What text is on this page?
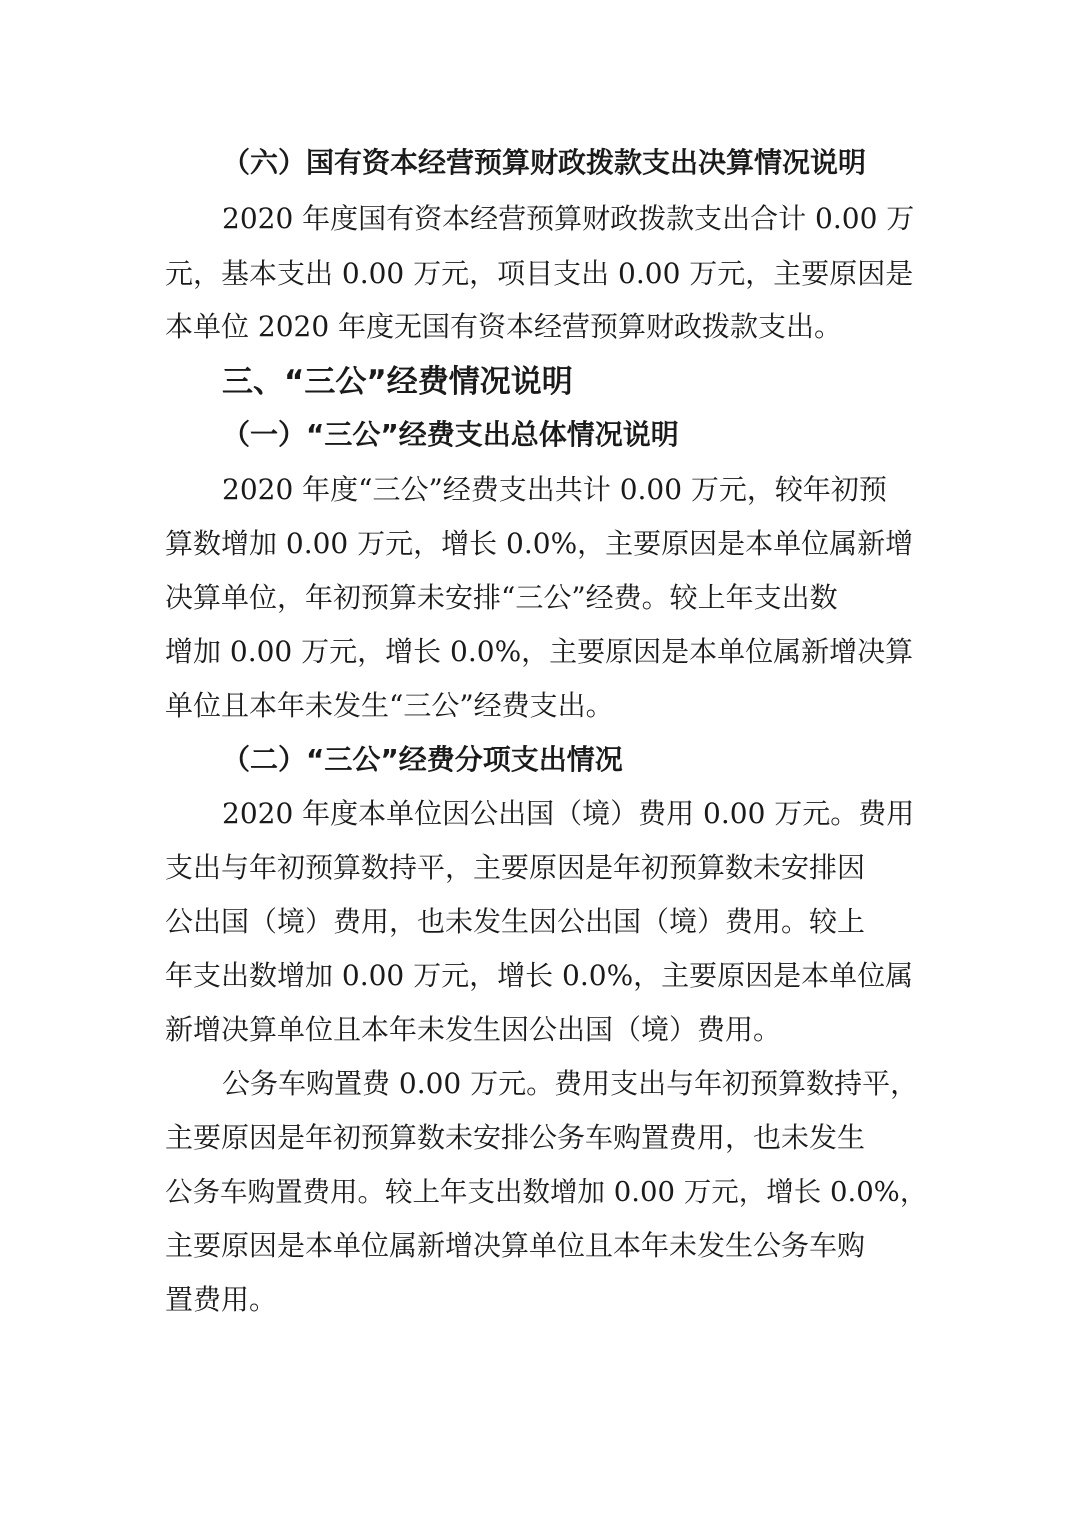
（六）国有资本经营预算财政拨款支出决算情况说明
2020 年度国有资本经营预算财政拨款支出合计 0.00 万
元，基本支出 0.00 万元，项目支出 0.00 万元，主要原因是
本单位 2020 年度无国有资本经营预算财政拨款支出。
三、“三公”经费情况说明
（一）“三公”经费支出总体情况说明
2020 年度“三公”经费支出共计 0.00 万元，较年初预
算数增加 0.00 万元，增长 0.0%，主要原因是本单位属新增
决算单位，年初预算未安排“三公”经费。较上年支出数
增加 0.00 万元，增长 0.0%，主要原因是本单位属新增决算
单位且本年未发生“三公”经费支出。
（二）“三公”经费分项支出情况
2020 年度本单位因公出国（境）费用 0.00 万元。费用
支出与年初预算数持平，主要原因是年初预算数未安排因
公出国（境）费用，也未发生因公出国（境）费用。较上
年支出数增加 0.00 万元，增长 0.0%，主要原因是本单位属
新增决算单位且本年未发生因公出国（境）费用。
公务车购置费 0.00 万元。费用支出与年初预算数持平，
主要原因是年初预算数未安排公务车购置费用，也未发生
公务车购置费用。较上年支出数增加 0.00 万元，增长 0.0%，
主要原因是本单位属新增决算单位且本年未发生公务车购
置费用。
